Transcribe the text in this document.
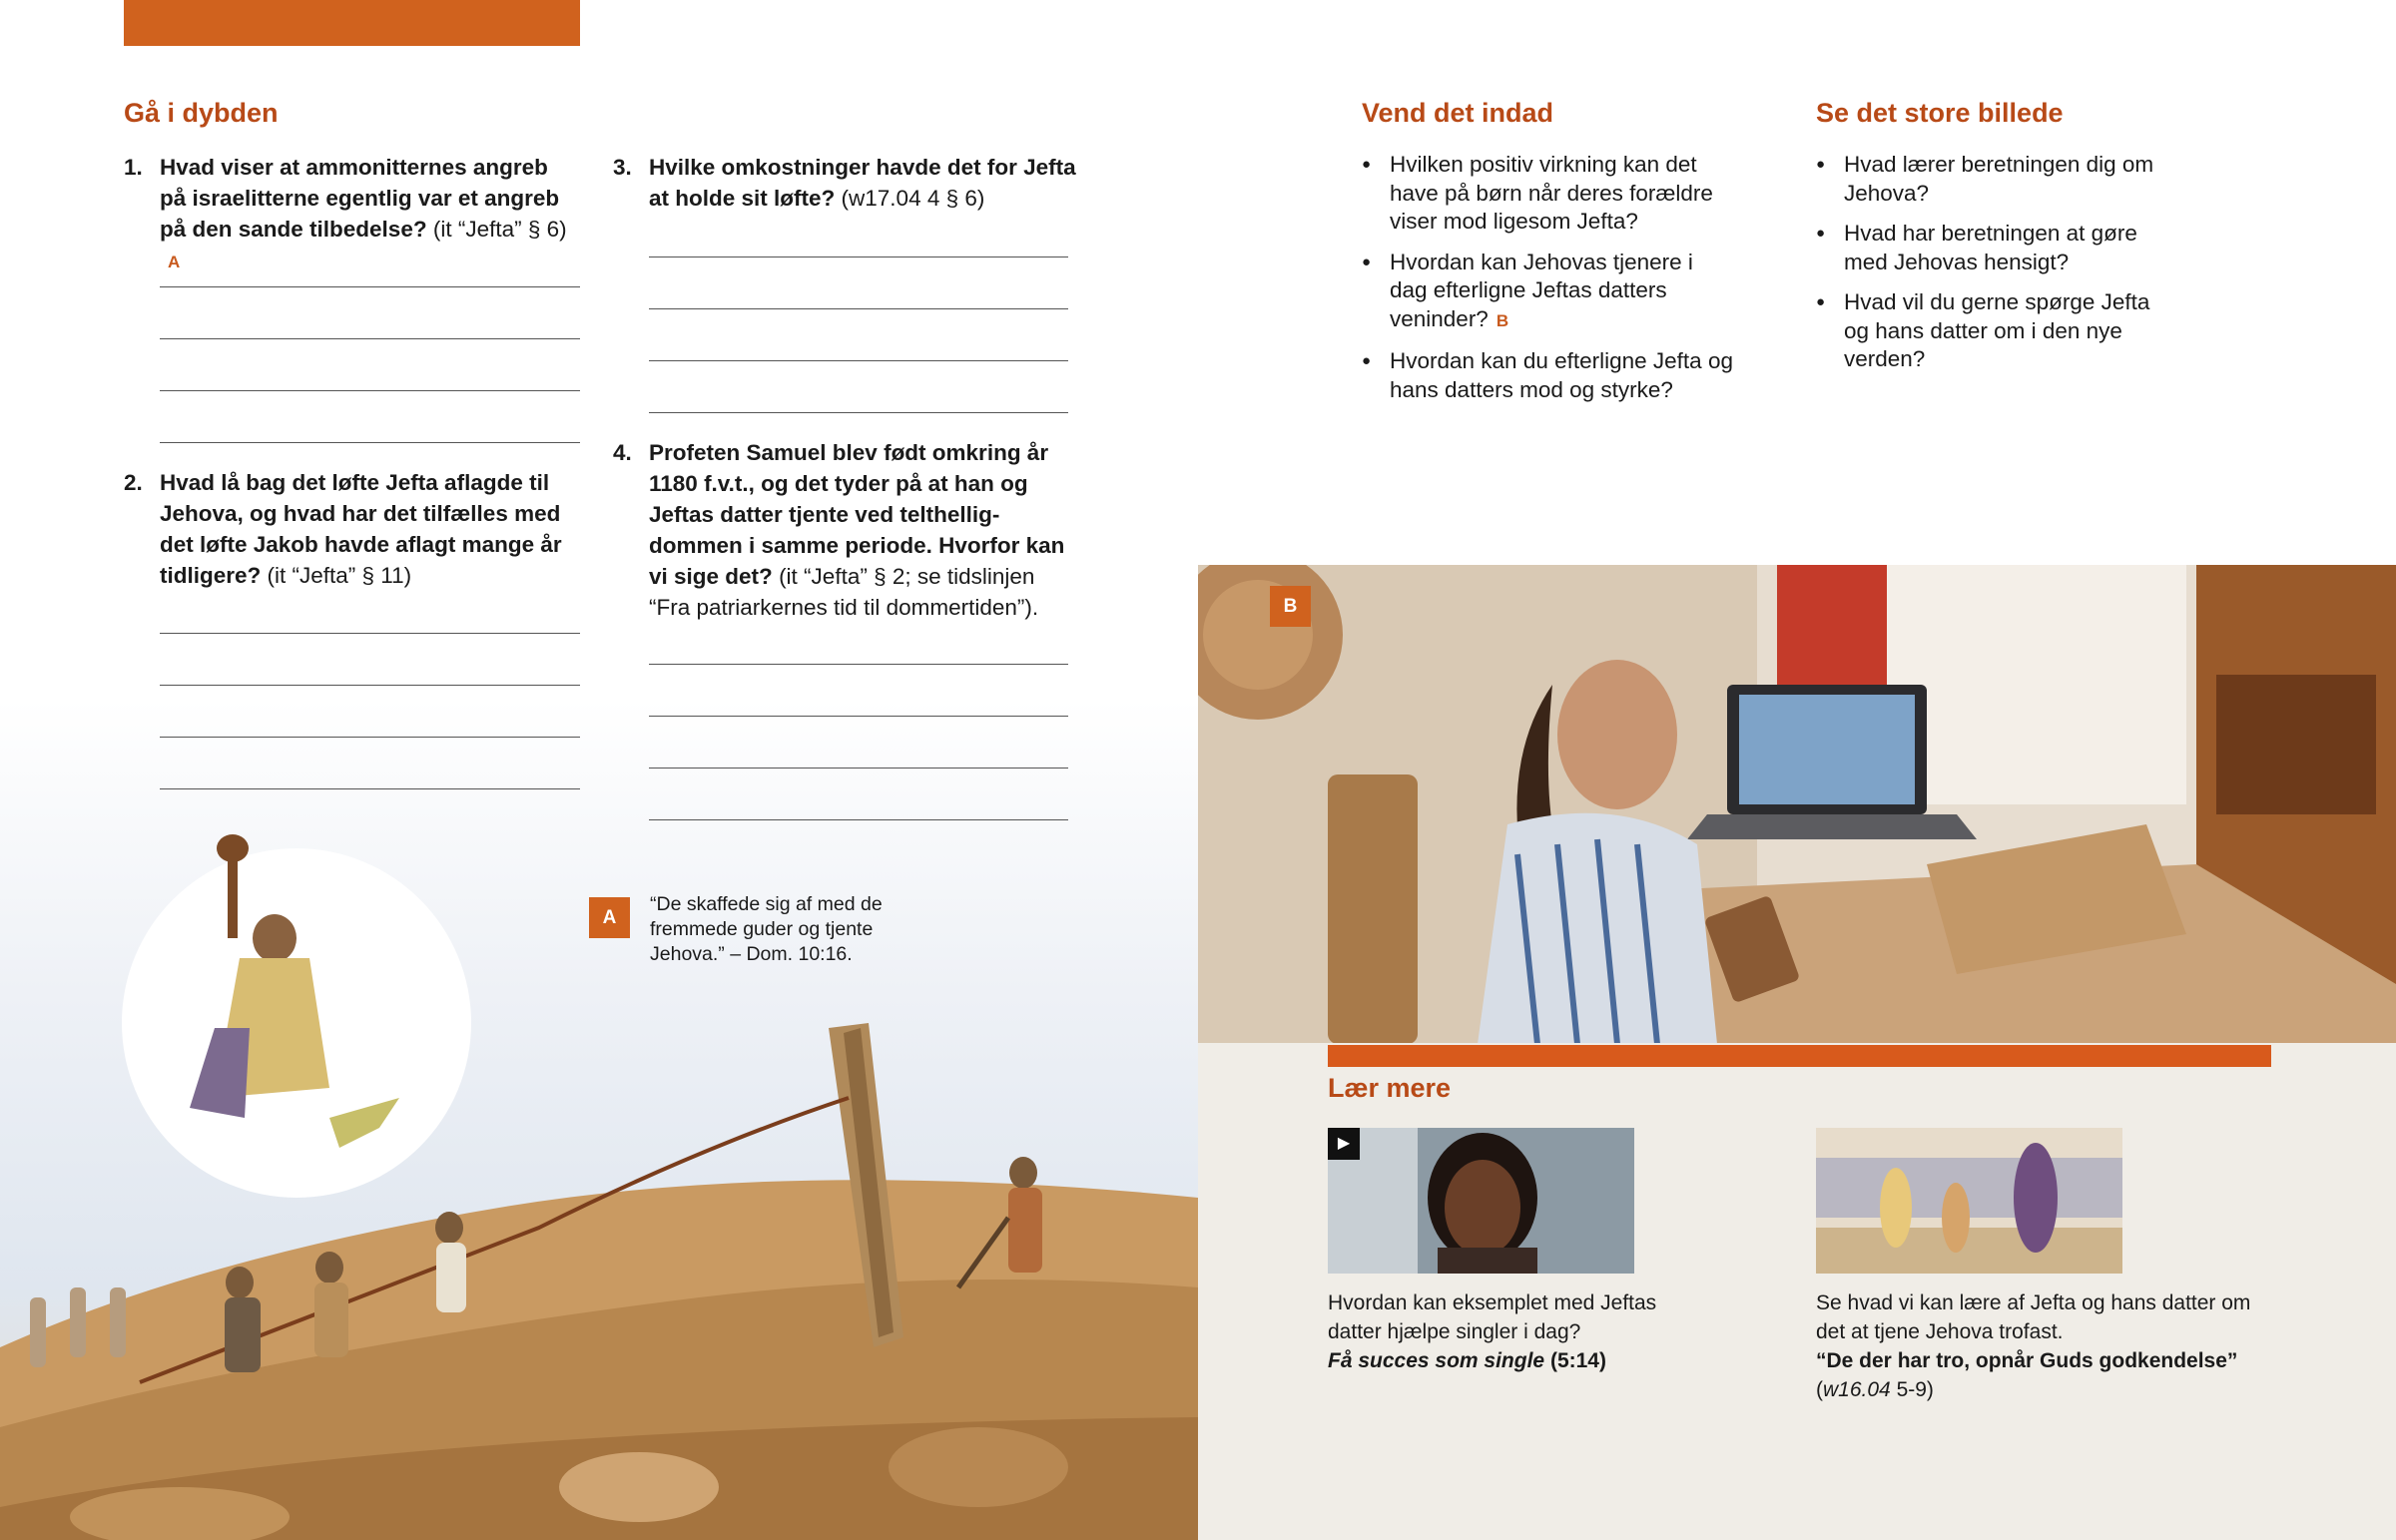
Gå i dybden
1. Hvad viser at ammonitternes angreb på israelitterne egentlig var et angreb på den sande tilbedelse? (it “Jefta” § 6) A
2. Hvad lå bag det løfte Jefta aflagde til Jehova, og hvad har det tilfælles med det løfte Jakob havde aflagt mange år tidligere? (it “Jefta” § 11)
3. Hvilke omkostninger havde det for Jefta at holde sit løfte? (w17.04 4 § 6)
4. Profeten Samuel blev født omkring år 1180 f.v.t., og det tyder på at han og Jeftas datter tjente ved telthelligdommen i samme periode. Hvorfor kan vi sige det? (it “Jefta” § 2; se tidslinjen “Fra patriarkernes tid til dommertiden”).
A
“De skaffede sig af med de fremmede guder og tjente Jehova.” – Dom. 10:16.
Vend det indad
● Hvilken positiv virkning kan det have på børn når deres forældre viser mod ligesom Jefta?
● Hvordan kan Jehovas tjenere i dag efterligne Jeftas datters veninder? B
● Hvordan kan du efterligne Jefta og hans datters mod og styrke?
Se det store billede
● Hvad lærer beretningen dig om Jehova?
● Hvad har beretningen at gøre med Jehovas hensigt?
● Hvad vil du gerne spørge Jefta og hans datter om i den nye verden?
B
Lær mere
▶
Hvordan kan eksemplet med Jeftas datter hjælpe singler i dag?
Få succes som single (5:14)
Se hvad vi kan lære af Jefta og hans datter om det at tjene Jehova trofast.
“De der har tro, opnår Guds godkendelse”
(w16.04 5-9)
